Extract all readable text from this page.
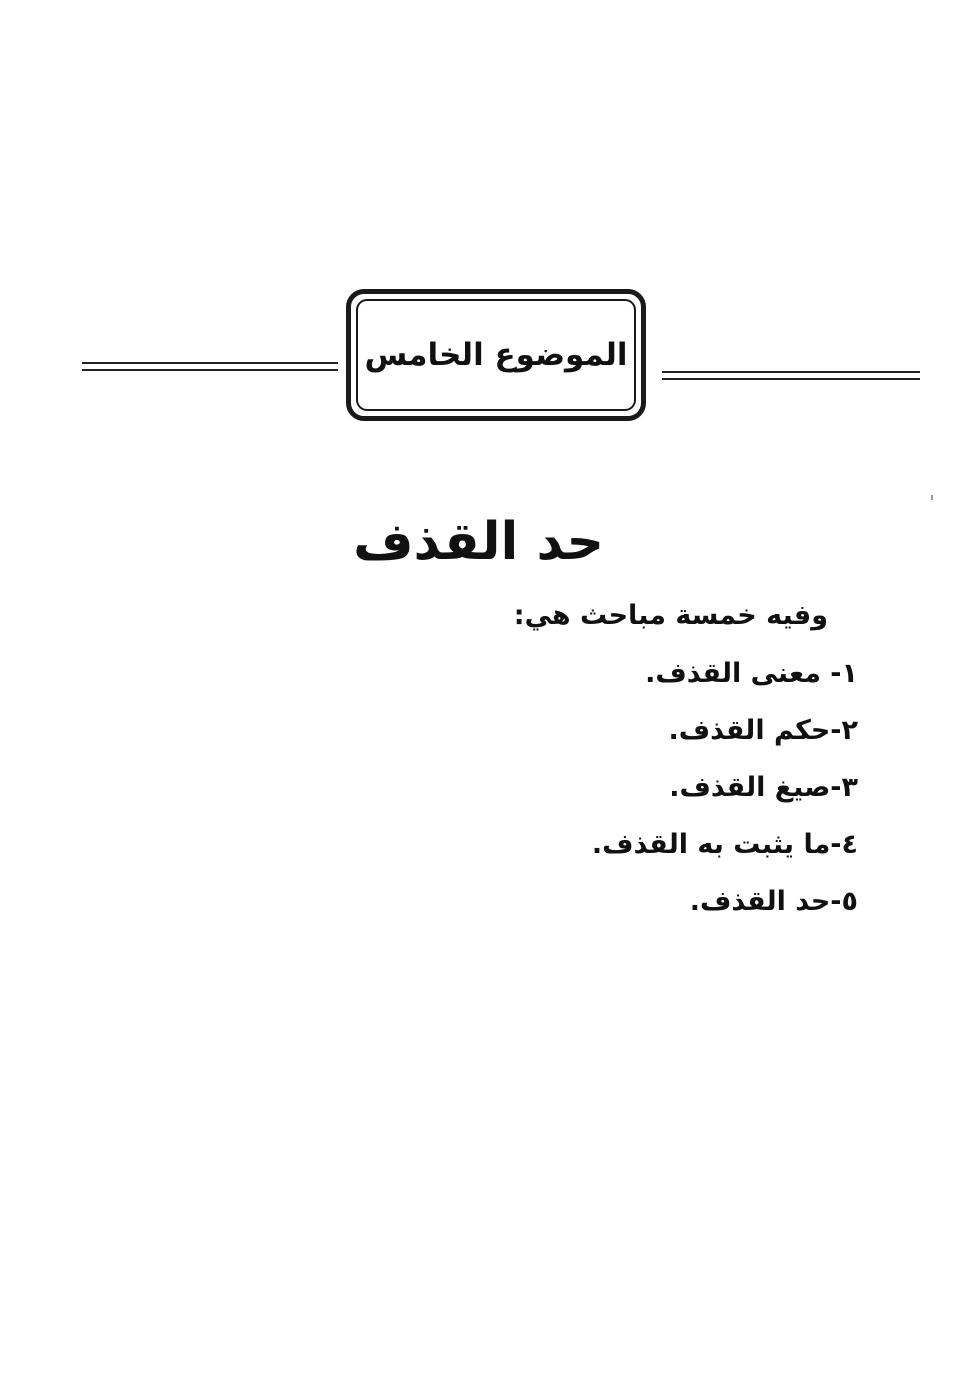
الموضوع الخامس
حد القذف
وفيه خمسة مباحث هي:
١- معنى القذف.
٢-حكم القذف.
٣-صيغ القذف.
٤-ما يثبت به القذف.
٥-حد القذف.
